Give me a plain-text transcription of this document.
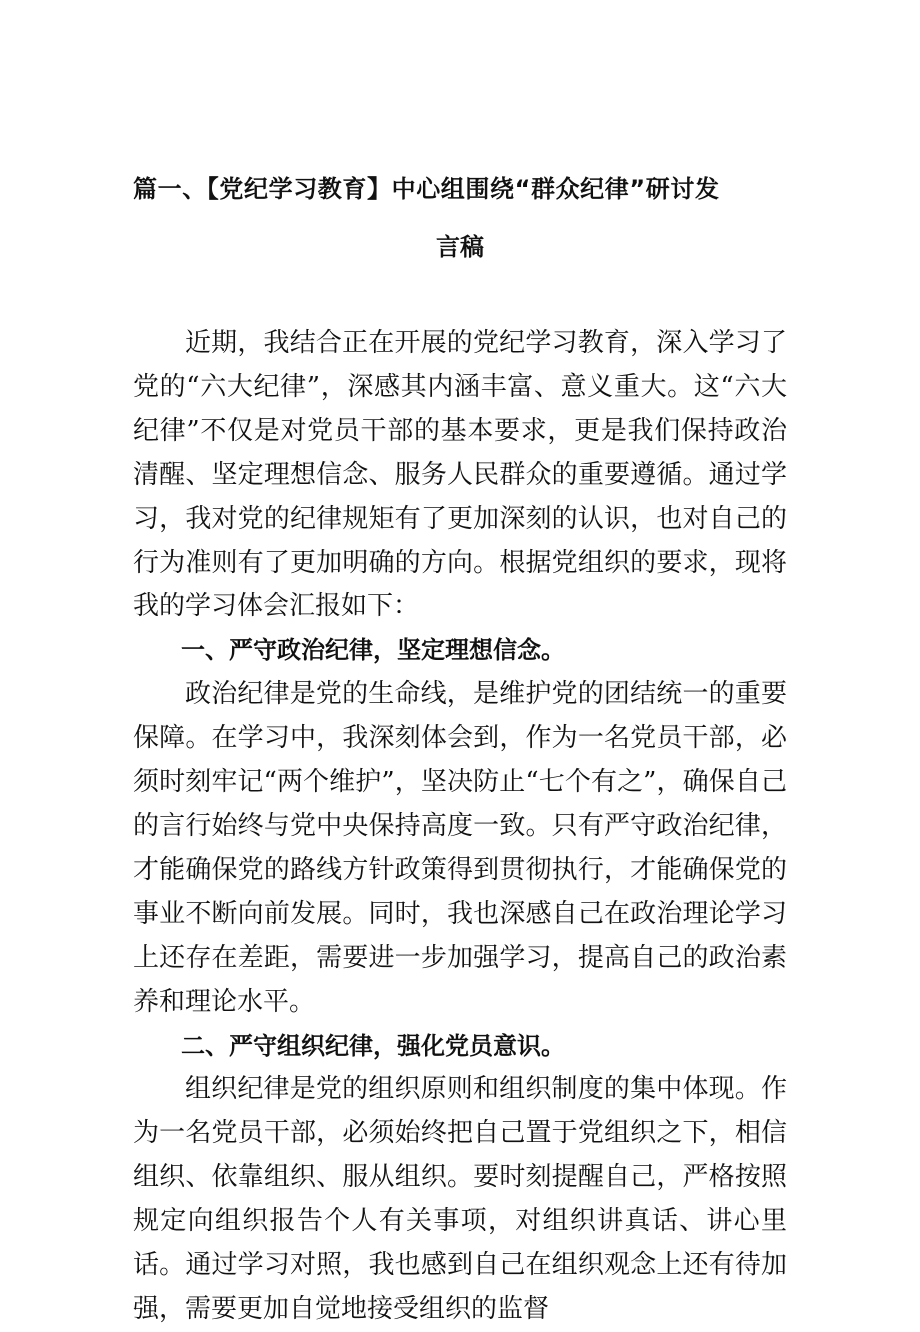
篇一、【党纪学习教育】中心组围绕“群众纪律”研讨发
言稿

近期，我结合正在开展的党纪学习教育，深入学习了党的“六大纪律”，深感其内涵丰富、意义重大。这“六大纪律”不仅是对党员干部的基本要求，更是我们保持政治清醒、坚定理想信念、服务人民群众的重要遵循。通过学习，我对党的纪律规矩有了更加深刻的认识，也对自己的行为准则有了更加明确的方向。根据党组织的要求，现将我的学习体会汇报如下：

一、严守政治纪律，坚定理想信念。

政治纪律是党的生命线，是维护党的团结统一的重要保障。在学习中，我深刻体会到，作为一名党员干部，必须时刻牢记“两个维护”，坚决防止“七个有之”，确保自己的言行始终与党中央保持高度一致。只有严守政治纪律，才能确保党的路线方针政策得到贯彻执行，才能确保党的事业不断向前发展。同时，我也深感自己在政治理论学习上还存在差距，需要进一步加强学习，提高自己的政治素养和理论水平。

二、严守组织纪律，强化党员意识。

组织纪律是党的组织原则和组织制度的集中体现。作为一名党员干部，必须始终把自己置于党组织之下，相信组织、依靠组织、服从组织。要时刻提醒自己，严格按照规定向组织报告个人有关事项，对组织讲真话、讲心里话。通过学习对照，我也感到自己在组织观念上还有待加强，需要更加自觉地接受组织的监督
